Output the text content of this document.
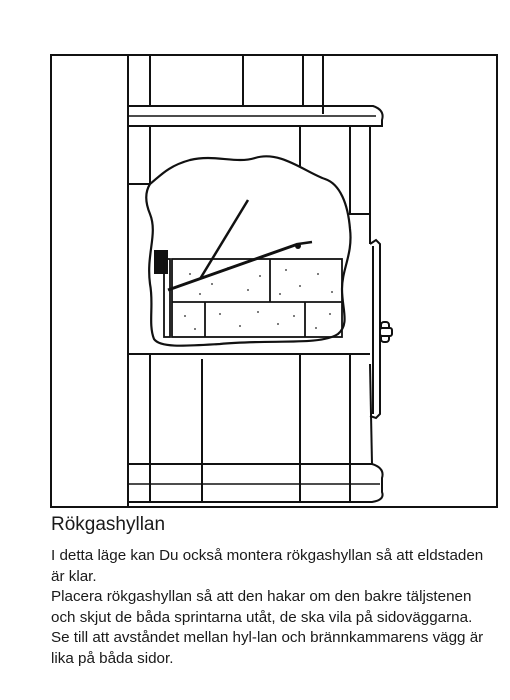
Rökgashyllan

I detta läge kan Du också montera rökgashyllan så att eldstaden är klar.

Placera rökgashyllan så att den hakar om den bakre täljstenen och skjut de båda sprintarna utåt, de ska vila på sidoväggarna. Se till att avståndet mellan hyl-lan och brännkammarens vägg är lika på båda sidor.
